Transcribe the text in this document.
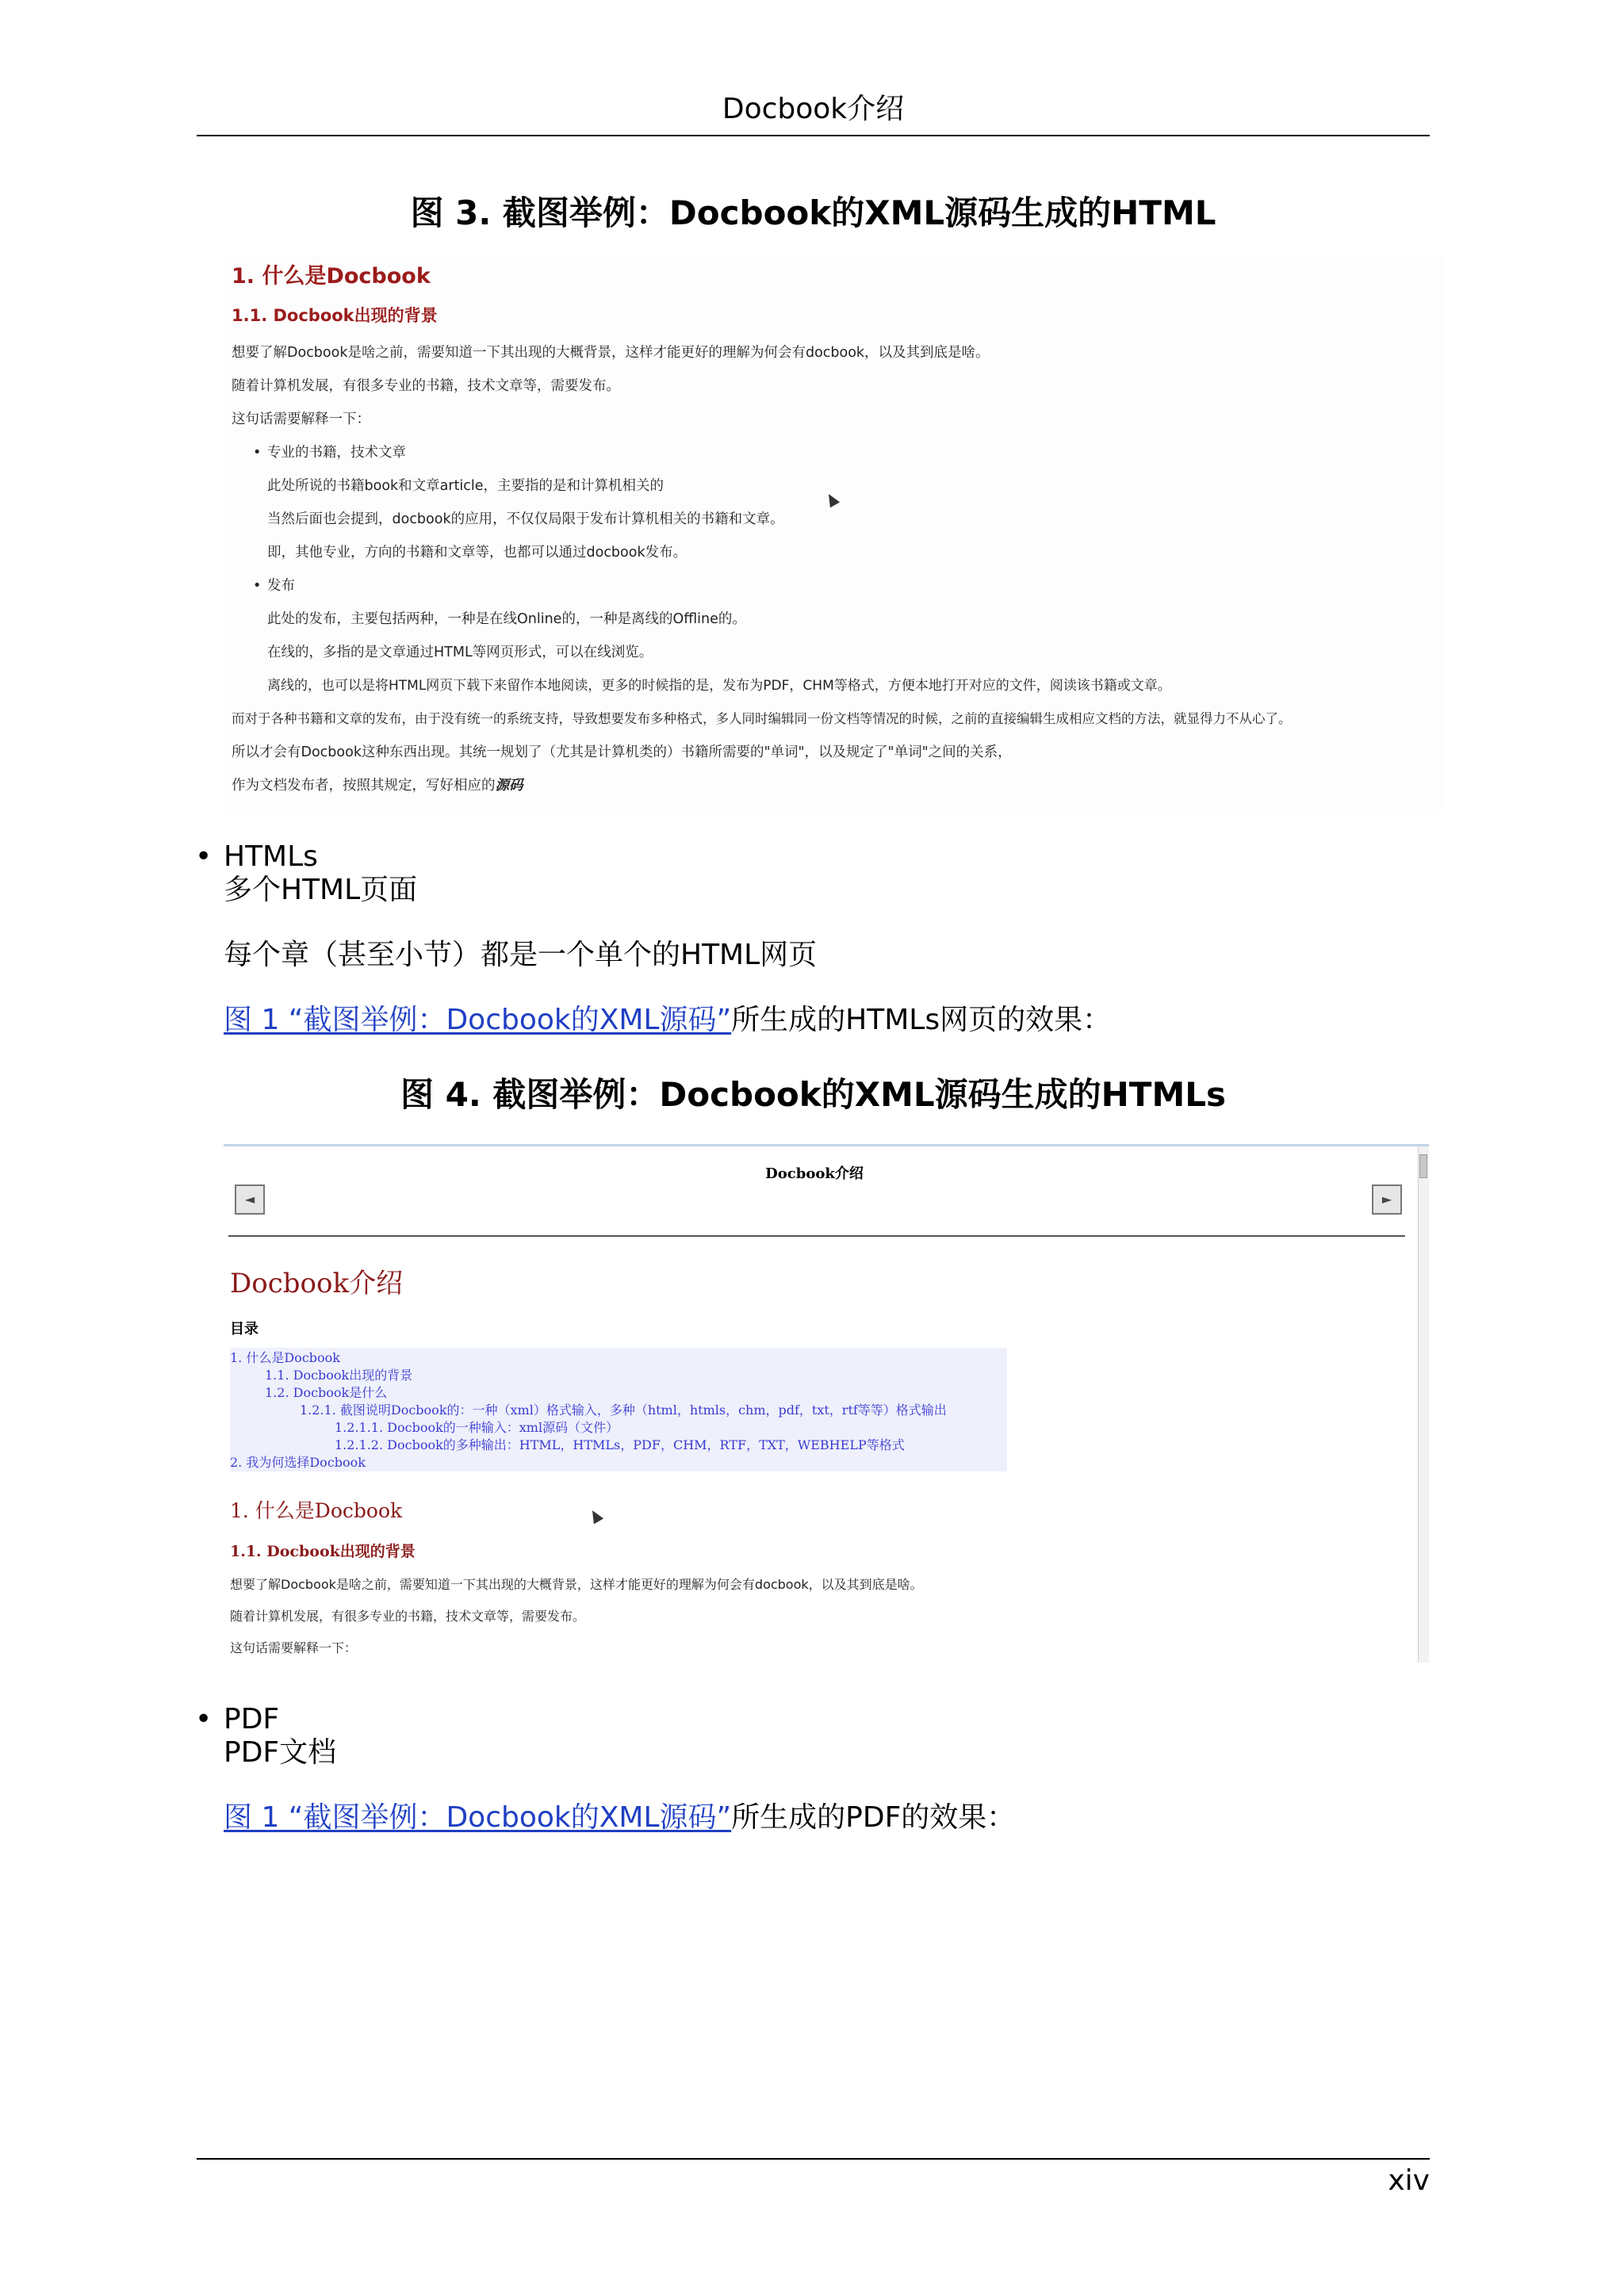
Docbook介绍
图 3. 截图举例：Docbook的XML源码生成的HTML
1. 什么是Docbook
1.1. Docbook出现的背景
想要了解Docbook是啥之前，需要知道一下其出现的大概背景，这样才能更好的理解为何会有docbook，以及其到底是啥。
随着计算机发展，有很多专业的书籍，技术文章等，需要发布。
这句话需要解释一下：
• 专业的书籍，技术文章
此处所说的书籍book和文章article，主要指的是和计算机相关的
当然后面也会提到，docbook的应用，不仅仅局限于发布计算机相关的书籍和文章。
即，其他专业，方向的书籍和文章等，也都可以通过docbook发布。
• 发布
此处的发布，主要包括两种，一种是在线Online的，一种是离线的Offline的。
在线的，多指的是文章通过HTML等网页形式，可以在线浏览。
离线的，也可以是将HTML网页下载下来留作本地阅读，更多的时候指的是，发布为PDF，CHM等格式，方便本地打开对应的文件，阅读该书籍或文章。
而对于各种书籍和文章的发布，由于没有统一的系统支持，导致想要发布多种格式，多人同时编辑同一份文档等情况的时候，之前的直接编辑生成相应文档的方法，就显得力不从心了。
所以才会有Docbook这种东西出现。其统一规划了（尤其是计算机类的）书籍所需要的"单词"，以及规定了"单词"之间的关系，
作为文档发布者，按照其规定，写好相应的源码
• HTMLs
多个HTML页面
每个章（甚至小节）都是一个单个的HTML网页
图 1 “截图举例：Docbook的XML源码”所生成的HTMLs网页的效果：
图 4. 截图举例：Docbook的XML源码生成的HTMLs
Docbook介绍
◄	►
Docbook介绍
目录
1. 什么是Docbook
1.1. Docbook出现的背景
1.2. Docbook是什么
1.2.1. 截图说明Docbook的：一种（xml）格式输入，多种（html，htmls，chm，pdf，txt，rtf等等）格式输出
1.2.1.1. Docbook的一种输入：xml源码（文件）
1.2.1.2. Docbook的多种输出：HTML，HTMLs，PDF，CHM，RTF，TXT，WEBHELP等格式
2. 我为何选择Docbook
1. 什么是Docbook
1.1. Docbook出现的背景
想要了解Docbook是啥之前，需要知道一下其出现的大概背景，这样才能更好的理解为何会有docbook，以及其到底是啥。
随着计算机发展，有很多专业的书籍，技术文章等，需要发布。
这句话需要解释一下：
• PDF
PDF文档
图 1 “截图举例：Docbook的XML源码”所生成的PDF的效果：
xiv
